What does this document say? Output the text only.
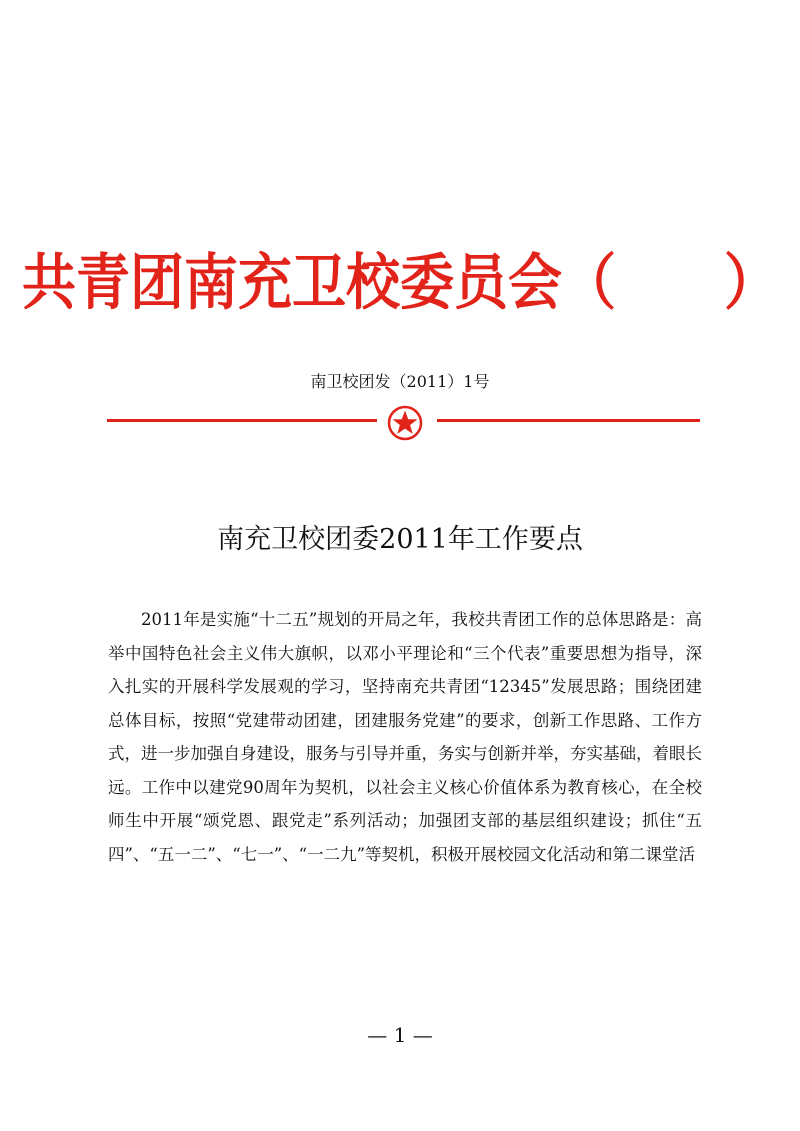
共青团南充卫校委员会（　　）
南卫校团发（2011）1号
南充卫校团委2011年工作要点

2011年是实施“十二五”规划的开局之年，我校共青团工作的总体思路是：高举中国特色社会主义伟大旗帜，以邓小平理论和“三个代表”重要思想为指导，深入扎实的开展科学发展观的学习，坚持南充共青团“12345”发展思路；围绕团建总体目标，按照“党建带动团建，团建服务党建”的要求，创新工作思路、工作方式，进一步加强自身建设，服务与引导并重，务实与创新并举，夯实基础，着眼长远。工作中以建党90周年为契机，以社会主义核心价值体系为教育核心，在全校师生中开展“颂党恩、跟党走”系列活动；加强团支部的基层组织建设；抓住“五四”、“五一二”、“七一”、“一二九”等契机，积极开展校园文化活动和第二课堂活

— 1 —
